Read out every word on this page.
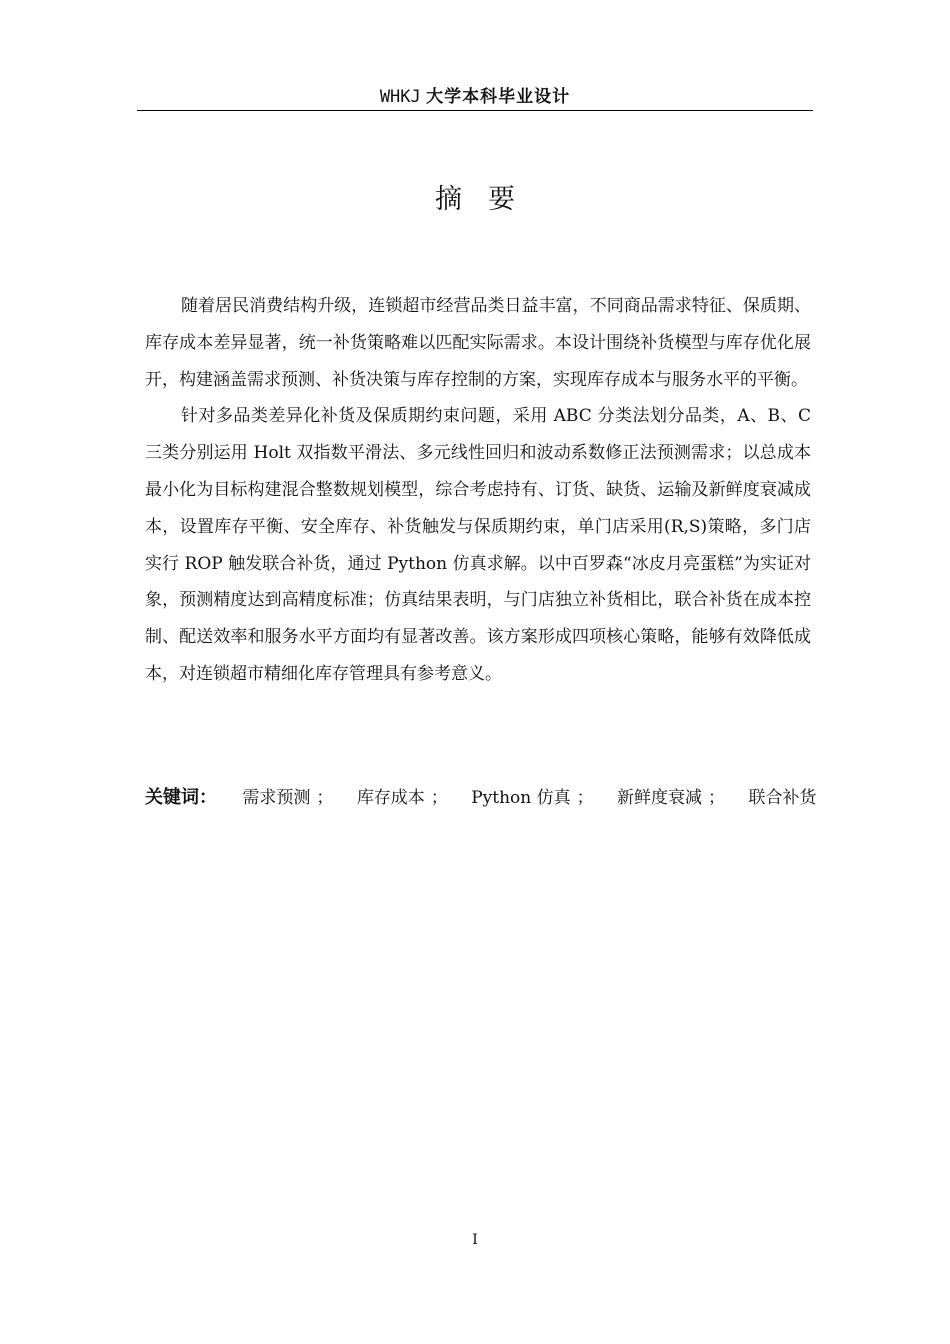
WHKJ 大学本科毕业设计
摘要

随着居民消费结构升级，连锁超市经营品类日益丰富，不同商品需求特征、保质期、库存成本差异显著，统一补货策略难以匹配实际需求。本设计围绕补货模型与库存优化展开，构建涵盖需求预测、补货决策与库存控制的方案，实现库存成本与服务水平的平衡。

针对多品类差异化补货及保质期约束问题，采用 ABC 分类法划分品类，A、B、C 三类分别运用 Holt 双指数平滑法、多元线性回归和波动系数修正法预测需求；以总成本最小化为目标构建混合整数规划模型，综合考虑持有、订货、缺货、运输及新鲜度衰减成本，设置库存平衡、安全库存、补货触发与保质期约束，单门店采用(R,S)策略，多门店实行 ROP 触发联合补货，通过 Python 仿真求解。以中百罗森“冰皮月亮蛋糕”为实证对象，预测精度达到高精度标准；仿真结果表明，与门店独立补货相比，联合补货在成本控制、配送效率和服务水平方面均有显著改善。该方案形成四项核心策略，能够有效降低成本，对连锁超市精细化库存管理具有参考意义。

关键词： 需求预测 ； 库存成本 ； Python 仿真 ； 新鲜度衰减 ； 联合补货
I
